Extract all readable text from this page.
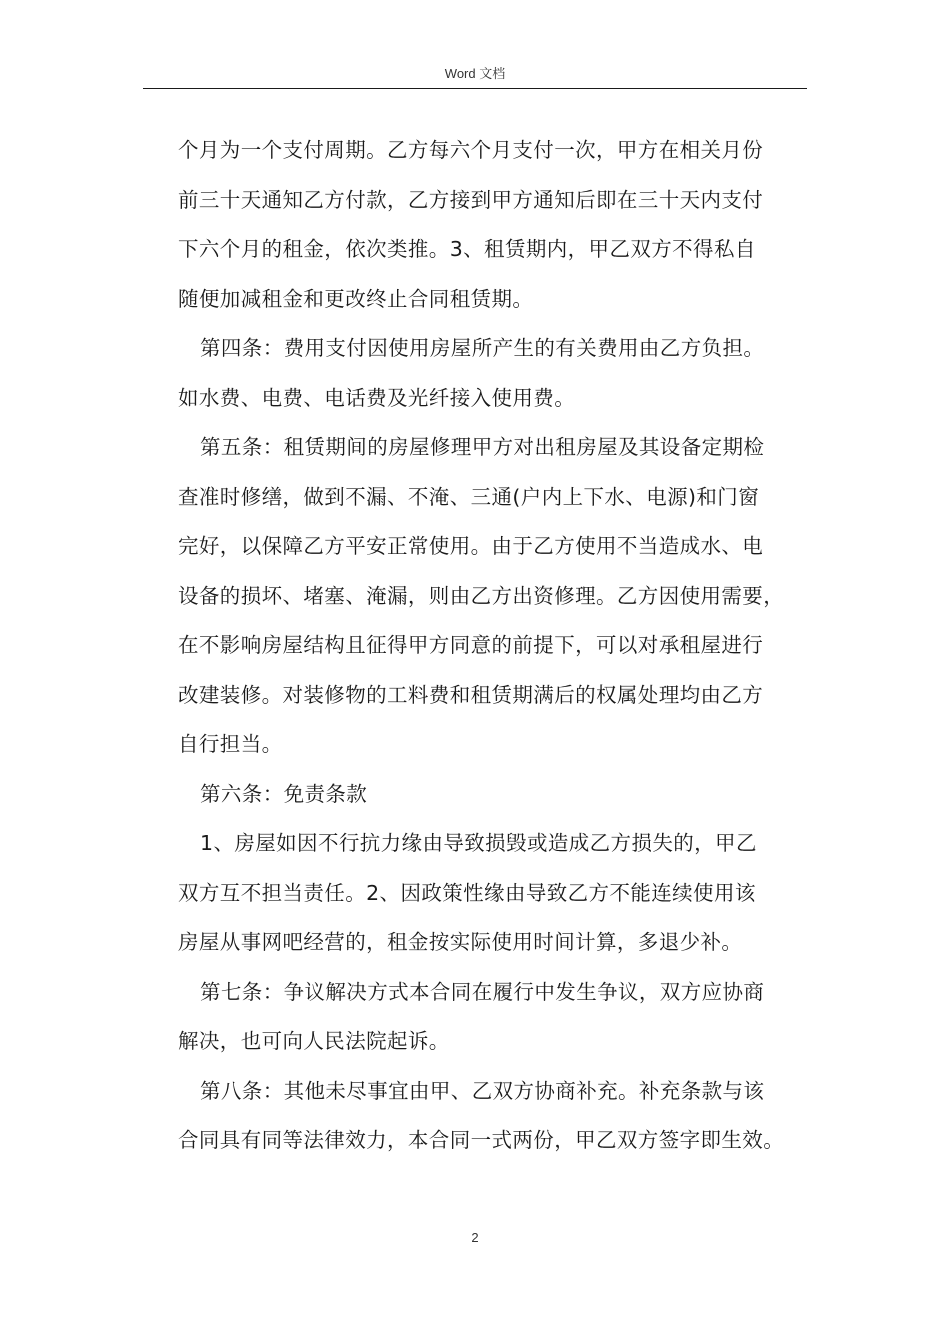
Word 文档
个月为一个支付周期。乙方每六个月支付一次，甲方在相关月份
前三十天通知乙方付款，乙方接到甲方通知后即在三十天内支付
下六个月的租金，依次类推。3、租赁期内，甲乙双方不得私自
随便加减租金和更改终止合同租赁期。
第四条：费用支付因使用房屋所产生的有关费用由乙方负担。
如水费、电费、电话费及光纤接入使用费。
第五条：租赁期间的房屋修理甲方对出租房屋及其设备定期检
查准时修缮，做到不漏、不淹、三通(户内上下水、电源)和门窗
完好，以保障乙方平安正常使用。由于乙方使用不当造成水、电
设备的损坏、堵塞、淹漏，则由乙方出资修理。乙方因使用需要，
在不影响房屋结构且征得甲方同意的前提下，可以对承租屋进行
改建装修。对装修物的工料费和租赁期满后的权属处理均由乙方
自行担当。
第六条：免责条款
1、房屋如因不行抗力缘由导致损毁或造成乙方损失的，甲乙
双方互不担当责任。2、因政策性缘由导致乙方不能连续使用该
房屋从事网吧经营的，租金按实际使用时间计算，多退少补。
第七条：争议解决方式本合同在履行中发生争议，双方应协商
解决，也可向人民法院起诉。
第八条：其他未尽事宜由甲、乙双方协商补充。补充条款与该
合同具有同等法律效力，本合同一式两份，甲乙双方签字即生效。
2
